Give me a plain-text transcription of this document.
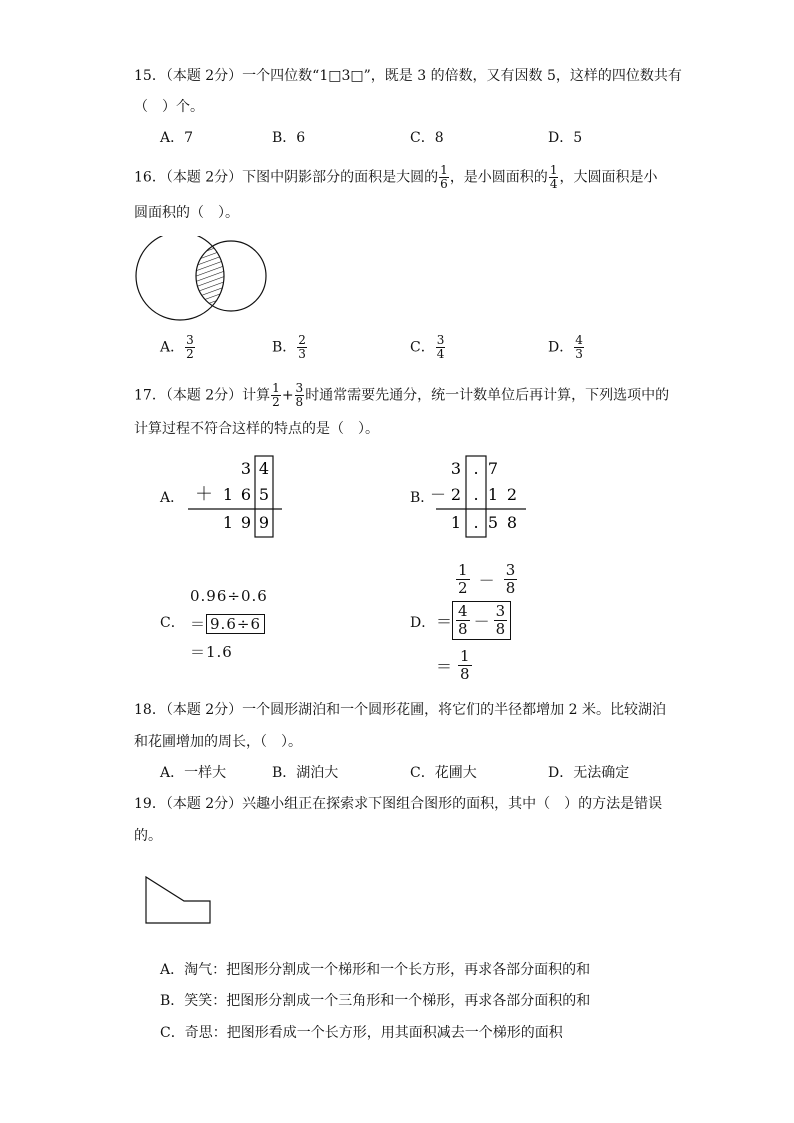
15．（本题 2分）一个四位数“1□3□”，既是 3 的倍数，又有因数 5，这样的四位数共有
（　）个。
A．7	B．6	C．8	D．5
16．（本题 2分）下图中阴影部分的面积是大圆的 $\frac{1}{6}$ ，是小圆面积的 $\frac{1}{4}$ ，大圆面积是小
圆面积的（　）。
A． $\frac{3}{2}$	B． $\frac{2}{3}$	C． $\frac{3}{4}$	D． $\frac{4}{3}$
17．（本题 2分）计算 $\frac{1}{2} + \frac{3}{8}$ 时通常需要先通分，统一计数单位后再计算，下列选项中的
计算过程不符合这样的特点的是（　）。
A．
3 4
＋ 1 6 5
1 9 9
B．
3 . 7
－ 2 . 1 2
1 . 5 8
C．
0.96÷0.6
＝ 9.6÷6
＝1.6
D．
$\frac{1}{2} - \frac{3}{8}$
＝ $\frac{4}{8} - \frac{3}{8}$
＝ $\frac{1}{8}$
18．（本题 2分）一个圆形湖泊和一个圆形花圃，将它们的半径都增加 2 米。比较湖泊
和花圃增加的周长，（　）。
A．一样大	B．湖泊大	C．花圃大	D．无法确定
19．（本题 2分）兴趣小组正在探索求下图组合图形的面积，其中（　）的方法是错误
的。
A．淘气：把图形分割成一个梯形和一个长方形，再求各部分面积的和
B．笑笑：把图形分割成一个三角形和一个梯形，再求各部分面积的和
C．奇思：把图形看成一个长方形，用其面积减去一个梯形的面积
